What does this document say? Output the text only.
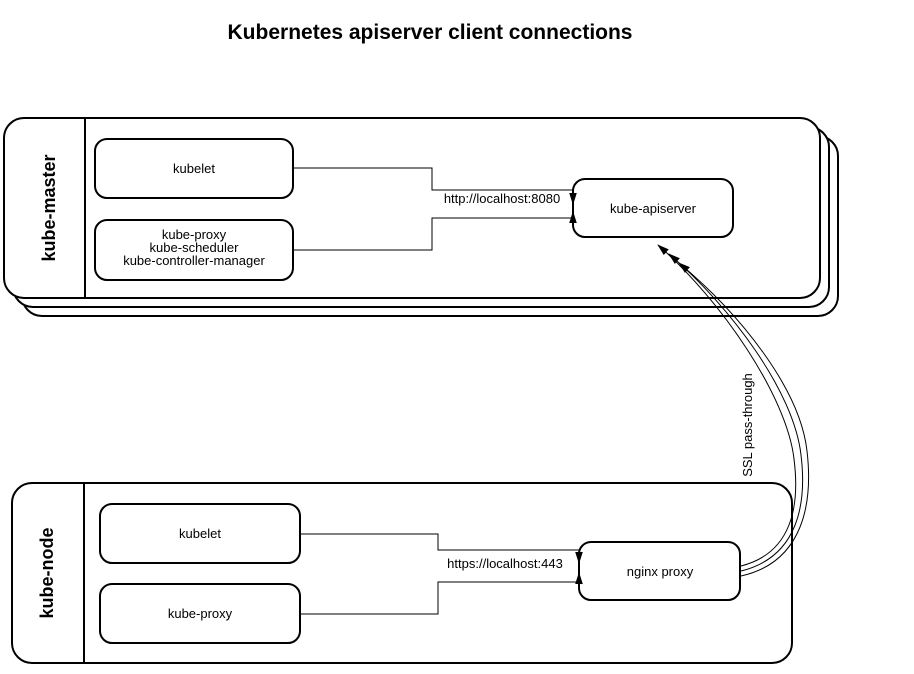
Kubernetes apiserver client connections
kube-master	kubelet
kube-proxy
kube-scheduler
kube-controller-manager
kube-apiserver
http://localhost:8080
kube-node	kubelet
kube-proxy
nginx proxy
https://localhost:443
SSL pass-through
